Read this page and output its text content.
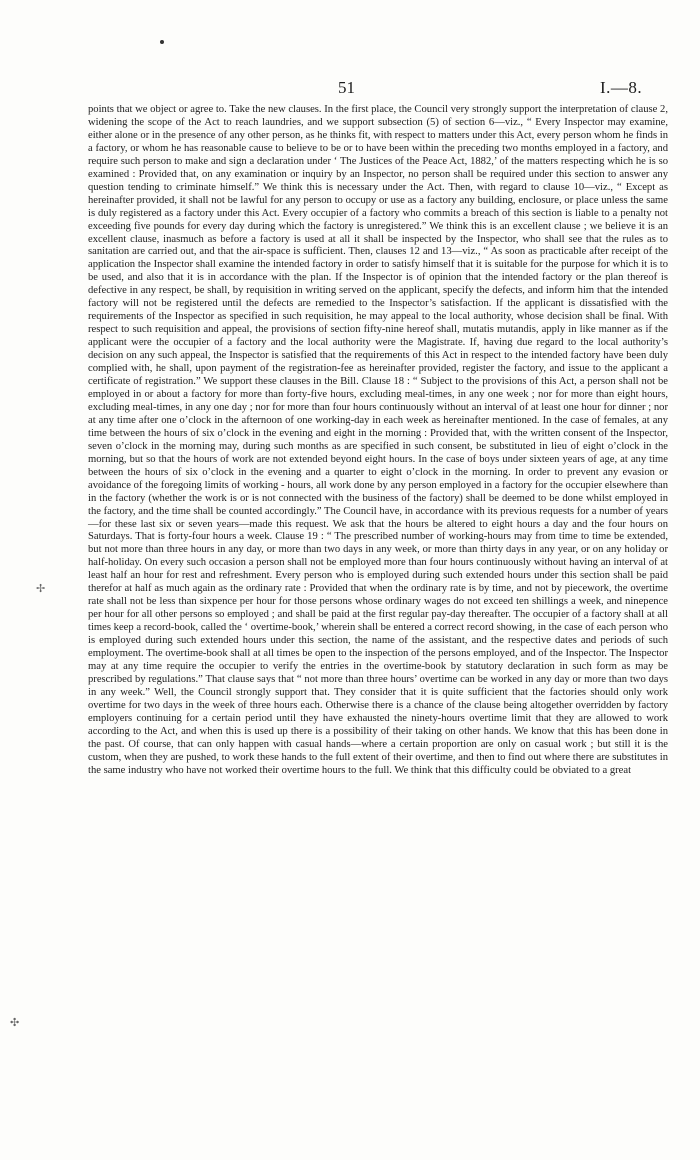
51	I.—8.
✢
✣
points that we object or agree to. Take the new clauses. In the first place, the Council very strongly support the interpretation of clause 2, widening the scope of the Act to reach laundries, and we support subsection (5) of section 6—viz., “ Every Inspector may examine, either alone or in the presence of any other person, as he thinks fit, with respect to matters under this Act, every person whom he finds in a factory, or whom he has reasonable cause to believe to be or to have been within the preceding two months employed in a factory, and require such person to make and sign a declaration under ‘ The Justices of the Peace Act, 1882,’ of the matters respecting which he is so examined : Provided that, on any examination or inquiry by an Inspector, no person shall be required under this section to answer any question tending to criminate himself.” We think this is necessary under the Act. Then, with regard to clause 10—viz., “ Except as hereinafter provided, it shall not be lawful for any person to occupy or use as a factory any building, enclosure, or place unless the same is duly registered as a factory under this Act. Every occupier of a factory who commits a breach of this section is liable to a penalty not exceeding five pounds for every day during which the factory is unregistered.” We think this is an excellent clause ; we believe it is an excellent clause, inasmuch as before a factory is used at all it shall be inspected by the Inspector, who shall see that the rules as to sanitation are carried out, and that the air-space is sufficient. Then, clauses 12 and 13—viz., “ As soon as practicable after receipt of the application the Inspector shall examine the intended factory in order to satisfy himself that it is suitable for the purpose for which it is to be used, and also that it is in accordance with the plan. If the Inspector is of opinion that the intended factory or the plan thereof is defective in any respect, be shall, by requisition in writing served on the applicant, specify the defects, and inform him that the intended factory will not be registered until the defects are remedied to the Inspector’s satisfaction. If the applicant is dissatisfied with the requirements of the Inspector as specified in such requisition, he may appeal to the local authority, whose decision shall be final. With respect to such requisition and appeal, the provisions of section fifty-nine hereof shall, mutatis mutandis, apply in like manner as if the applicant were the occupier of a factory and the local authority were the Magistrate. If, having due regard to the local authority’s decision on any such appeal, the Inspector is satisfied that the requirements of this Act in respect to the intended factory have been duly complied with, he shall, upon payment of the registration-fee as hereinafter provided, register the factory, and issue to the applicant a certificate of registration.” We support these clauses in the Bill. Clause 18 : “ Subject to the provisions of this Act, a person shall not be employed in or about a factory for more than forty-five hours, excluding meal-times, in any one week ; nor for more than eight hours, excluding meal-times, in any one day ; nor for more than four hours continuously without an interval of at least one hour for dinner ; nor at any time after one o’clock in the afternoon of one working-day in each week as hereinafter mentioned. In the case of females, at any time between the hours of six o’clock in the evening and eight in the morning : Provided that, with the written consent of the Inspector, seven o’clock in the morning may, during such months as are specified in such consent, be substituted in lieu of eight o’clock in the morning, but so that the hours of work are not extended beyond eight hours. In the case of boys under sixteen years of age, at any time between the hours of six o’clock in the evening and a quarter to eight o’clock in the morning. In order to prevent any evasion or avoidance of the foregoing limits of working - hours, all work done by any person employed in a factory for the occupier elsewhere than in the factory (whether the work is or is not connected with the business of the factory) shall be deemed to be done whilst employed in the factory, and the time shall be counted accordingly.” The Council have, in accordance with its previous requests for a number of years—for these last six or seven years—made this request. We ask that the hours be altered to eight hours a day and the four hours on Saturdays. That is forty-four hours a week. Clause 19 : “ The prescribed number of working-hours may from time to time be extended, but not more than three hours in any day, or more than two days in any week, or more than thirty days in any year, or on any holiday or half-holiday. On every such occasion a person shall not be employed more than four hours continuously without having an interval of at least half an hour for rest and refreshment. Every person who is employed during such extended hours under this section shall be paid therefor at half as much again as the ordinary rate : Provided that when the ordinary rate is by time, and not by piecework, the overtime rate shall not be less than sixpence per hour for those persons whose ordinary wages do not exceed ten shillings a week, and ninepence per hour for all other persons so employed ; and shall be paid at the first regular pay-day thereafter. The occupier of a factory shall at all times keep a record-book, called the ‘ overtime-book,’ wherein shall be entered a correct record showing, in the case of each person who is employed during such extended hours under this section, the name of the assistant, and the respective dates and periods of such employment. The overtime-book shall at all times be open to the inspection of the persons employed, and of the Inspector. The Inspector may at any time require the occupier to verify the entries in the overtime-book by statutory declaration in such form as may be prescribed by regulations.” That clause says that “ not more than three hours’ overtime can be worked in any day or more than two days in any week.” Well, the Council strongly support that. They consider that it is quite sufficient that the factories should only work overtime for two days in the week of three hours each. Otherwise there is a chance of the clause being altogether overridden by factory employers continuing for a certain period until they have exhausted the ninety-hours overtime limit that they are allowed to work according to the Act, and when this is used up there is a possibility of their taking on other hands. We know that this has been done in the past. Of course, that can only happen with casual hands—where a certain proportion are only on casual work ; but still it is the custom, when they are pushed, to work these hands to the full extent of their overtime, and then to find out where there are substitutes in the same industry who have not worked their overtime hours to the full. We think that this difficulty could be obviated to a great
